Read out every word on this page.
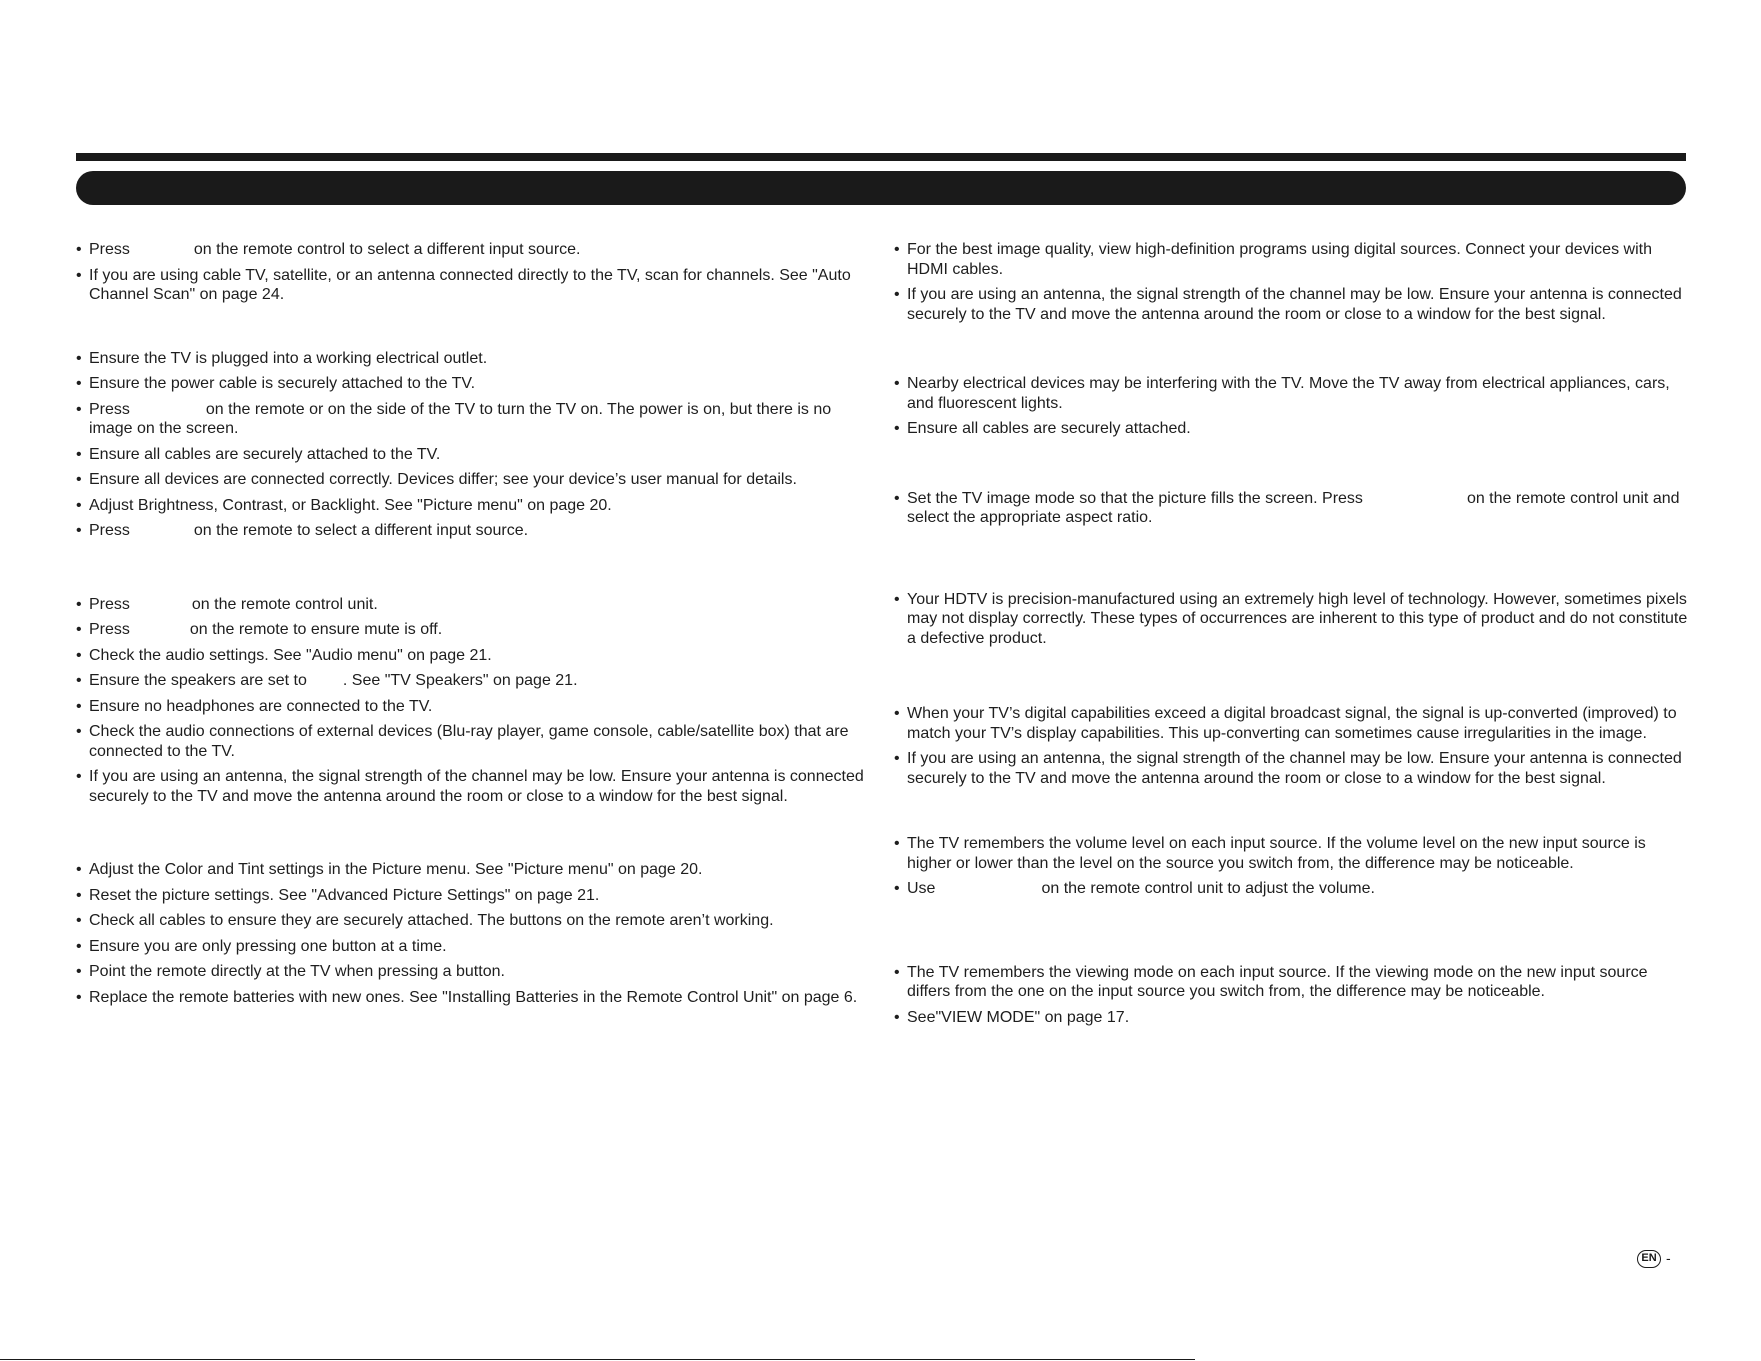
• Press	on the remote control to select a different input source.
• If you are using cable TV, satellite, or an antenna connected directly to the TV, scan for channels. See "Auto Channel Scan" on page 24.
• Ensure the TV is plugged into a working electrical outlet.
• Ensure the power cable is securely attached to the TV.
• Press	on the remote or on the side of the TV to turn the TV on. The power is on, but there is no image on the screen.
• Ensure all cables are securely attached to the TV.
• Ensure all devices are connected correctly. Devices differ; see your device’s user manual for details.
• Adjust Brightness, Contrast, or Backlight. See "Picture menu" on page 20.
• Press	on the remote to select a different input source.
• Press	on the remote control unit.
• Press	on the remote to ensure mute is off.
• Check the audio settings. See "Audio menu" on page 21.
• Ensure the speakers are set to . See "TV Speakers" on page 21.
• Ensure no headphones are connected to the TV.
• Check the audio connections of external devices (Blu-ray player, game console, cable/satellite box) that are connected to the TV.
• If you are using an antenna, the signal strength of the channel may be low. Ensure your antenna is connected securely to the TV and move the antenna around the room or close to a window for the best signal.
• Adjust the Color and Tint settings in the Picture menu. See "Picture menu" on page 20.
• Reset the picture settings. See "Advanced Picture Settings" on page 21.
• Check all cables to ensure they are securely attached. The buttons on the remote aren’t working.
• Ensure you are only pressing one button at a time.
• Point the remote directly at the TV when pressing a button.
• Replace the remote batteries with new ones. See "Installing Batteries in the Remote Control Unit" on page 6.
• For the best image quality, view high-definition programs using digital sources. Connect your devices with HDMI cables.
• If you are using an antenna, the signal strength of the channel may be low. Ensure your antenna is connected securely to the TV and move the antenna around the room or close to a window for the best signal.
• Nearby electrical devices may be interfering with the TV. Move the TV away from electrical appliances, cars, and fluorescent lights.
• Ensure all cables are securely attached.
• Set the TV image mode so that the picture fills the screen. Press	on the remote control unit and select the appropriate aspect ratio.
• Your HDTV is precision-manufactured using an extremely high level of technology. However, sometimes pixels may not display correctly. These types of occurrences are inherent to this type of product and do not constitute a defective product.
• When your TV’s digital capabilities exceed a digital broadcast signal, the signal is up-converted (improved) to match your TV’s display capabilities. This up-converting can sometimes cause irregularities in the image.
• If you are using an antenna, the signal strength of the channel may be low. Ensure your antenna is connected securely to the TV and move the antenna around the room or close to a window for the best signal.
• The TV remembers the volume level on each input source. If the volume level on the new input source is higher or lower than the level on the source you switch from, the difference may be noticeable.
• Use	on the remote control unit to adjust the volume.
• The TV remembers the viewing mode on each input source. If the viewing mode on the new input source differs from the one on the input source you switch from, the difference may be noticeable.
• See"VIEW MODE" on page 17.
EN -
